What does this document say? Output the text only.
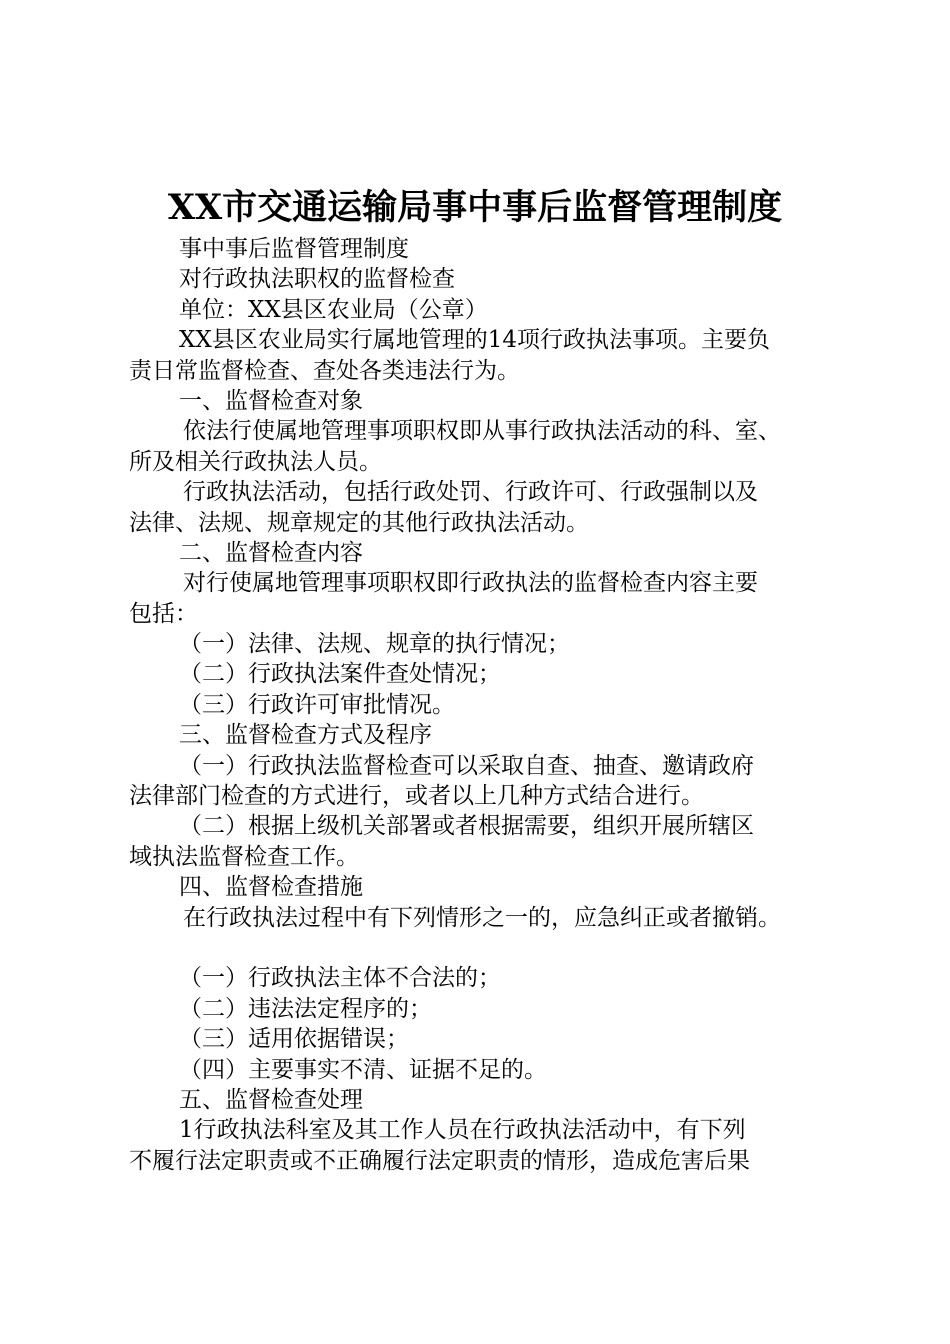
XX市交通运输局事中事后监督管理制度
事中事后监督管理制度
对行政执法职权的监督检查
单位：XX县区农业局（公章）
XX县区农业局实行属地管理的14项行政执法事项。主要负
责日常监督检查、查处各类违法行为。
一、监督检查对象
依法行使属地管理事项职权即从事行政执法活动的科、室、
所及相关行政执法人员。
行政执法活动，包括行政处罚、行政许可、行政强制以及
法律、法规、规章规定的其他行政执法活动。
二、监督检查内容
对行使属地管理事项职权即行政执法的监督检查内容主要
包括：
（一）法律、法规、规章的执行情况；
（二）行政执法案件查处情况；
（三）行政许可审批情况。
三、监督检查方式及程序
（一）行政执法监督检查可以采取自查、抽查、邀请政府
法律部门检查的方式进行，或者以上几种方式结合进行。
（二）根据上级机关部署或者根据需要，组织开展所辖区
域执法监督检查工作。
四、监督检查措施
在行政执法过程中有下列情形之一的，应急纠正或者撤销。
（一）行政执法主体不合法的；
（二）违法法定程序的；
（三）适用依据错误；
（四）主要事实不清、证据不足的。
五、监督检查处理
1行政执法科室及其工作人员在行政执法活动中，有下列
不履行法定职责或不正确履行法定职责的情形，造成危害后果
